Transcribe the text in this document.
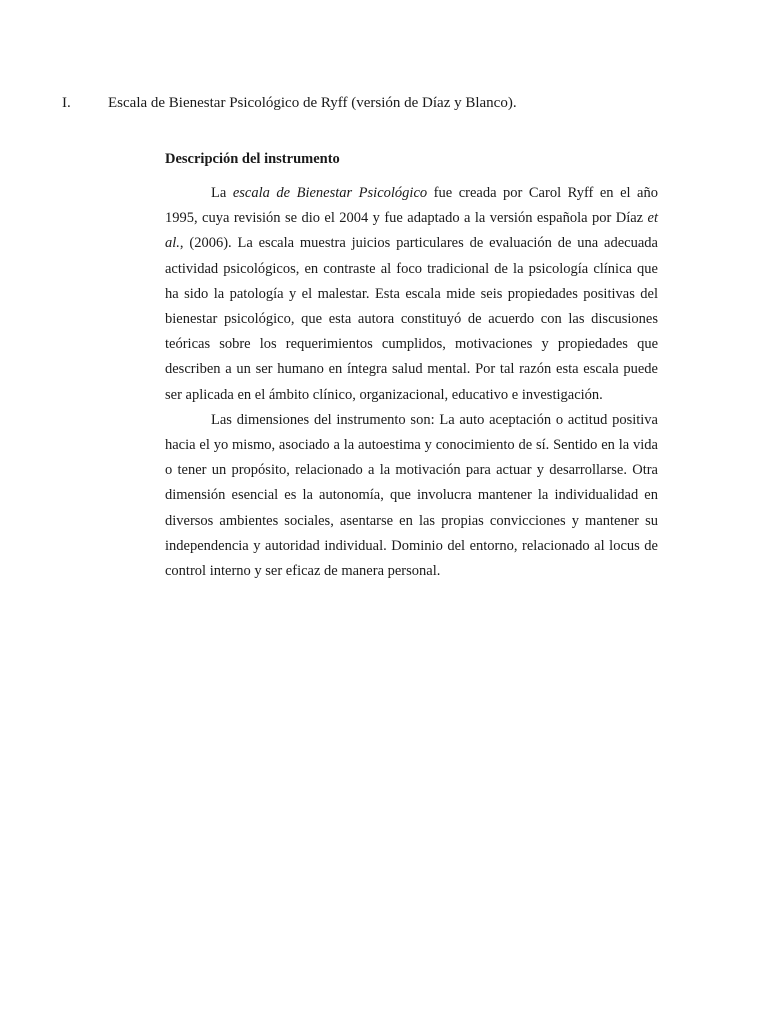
I. Escala de Bienestar Psicológico de Ryff (versión de Díaz y Blanco).

Descripción del instrumento

La escala de Bienestar Psicológico fue creada por Carol Ryff en el año 1995, cuya revisión se dio el 2004 y fue adaptado a la versión española por Díaz et al., (2006). La escala muestra juicios particulares de evaluación de una adecuada actividad psicológicos, en contraste al foco tradicional de la psicología clínica que ha sido la patología y el malestar. Esta escala mide seis propiedades positivas del bienestar psicológico, que esta autora constituyó de acuerdo con las discusiones teóricas sobre los requerimientos cumplidos, motivaciones y propiedades que describen a un ser humano en íntegra salud mental. Por tal razón esta escala puede ser aplicada en el ámbito clínico, organizacional, educativo e investigación.

Las dimensiones del instrumento son: La auto aceptación o actitud positiva hacia el yo mismo, asociado a la autoestima y conocimiento de sí. Sentido en la vida o tener un propósito, relacionado a la motivación para actuar y desarrollarse. Otra dimensión esencial es la autonomía, que involucra mantener la individualidad en diversos ambientes sociales, asentarse en las propias convicciones y mantener su independencia y autoridad individual. Dominio del entorno, relacionado al locus de control interno y ser eficaz de manera personal.
